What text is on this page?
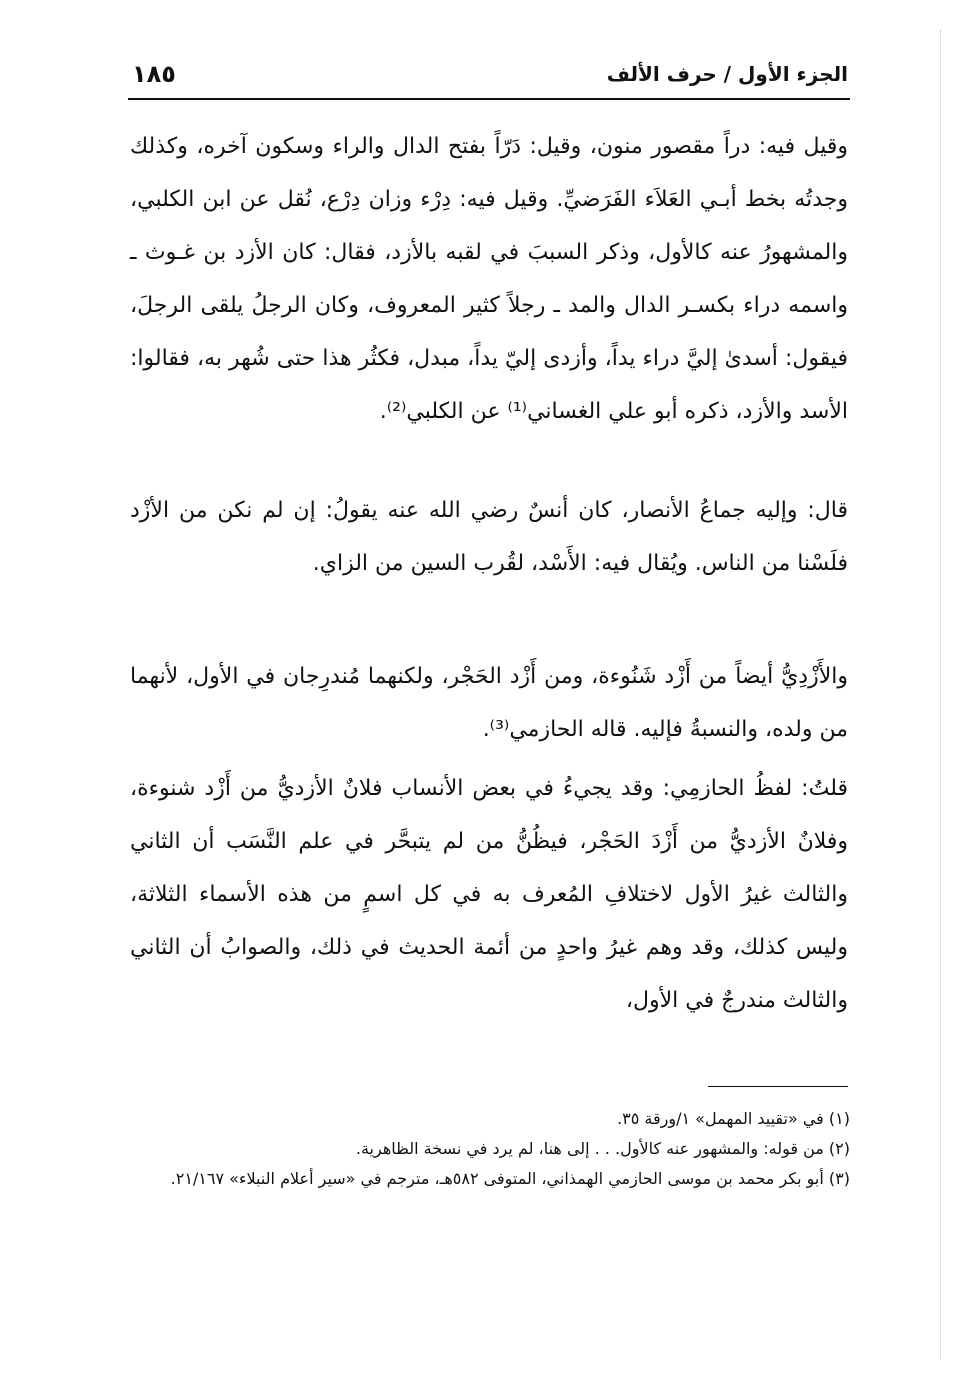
الجزء الأول / حرف الألف
١٨٥

وقيل فيه: دراً مقصور منون، وقيل: دَرّاً بفتح الدال والراء وسكون آخره، وكذلك وجدتُه بخط أبـي العَلاَء الفَرَضيِّ. وقيل فيه: دِرْء وزان دِرْع، نُقل عن ابن الكلبي، والمشهورُ عنه كالأول، وذكر السببَ في لقبه بالأزد، فقال: كان الأزد بن غـوث ـ واسمه دراء بكسـر الدال والمد ـ رجلاً كثير المعروف، وكان الرجلُ يلقى الرجلَ، فيقول: أسدىٰ إليَّ دراء يداً، وأزدى إليّ يداً، مبدل، فكثُر هذا حتى شُهر به، فقالوا: الأسد والأزد، ذكره أبو علي الغساني⁽¹⁾ عن الكلبي⁽²⁾.

قال: وإليه جماعُ الأنصار، كان أنسٌ رضي الله عنه يقولُ: إن لم نكن من الأزْد فلَسْنا من الناس. ويُقال فيه: الأَسْد، لقُرب السين من الزاي.

والأَزْدِيُّ أيضاً من أَزْد شَنُوءة، ومن أَزْد الحَجْر، ولكنهما مُندرِجان في الأول، لأنهما من ولده، والنسبةُ فإليه. قاله الحازمي⁽³⁾.

قلتُ: لفظُ الحازمِي: وقد يجيءُ في بعض الأنساب فلانٌ الأزديُّ من أَزْد شنوءة، وفلانٌ الأزديُّ من أَزْدَ الحَجْر، فيظُنُّ من لم يتبحَّر في علم النَّسَب أن الثاني والثالث غيرُ الأول لاختلافِ المُعرف به في كل اسمٍ من هذه الأسماء الثلاثة، وليس كذلك، وقد وهم غيرُ واحدٍ من أئمة الحديث في ذلك، والصوابُ أن الثاني والثالث مندرجٌ في الأول،

(١) في «تقييد المهمل» ١/ورقة ٣٥.

(٢) من قوله: والمشهور عنه كالأول. . . إلى هنا، لم يرد في نسخة الظاهرية.

(٣) أبو بكر محمد بن موسى الحازمي الهمذاني، المتوفى ٥٨٢هـ، مترجم في «سير أعلام النبلاء» ٢١/١٦٧.
